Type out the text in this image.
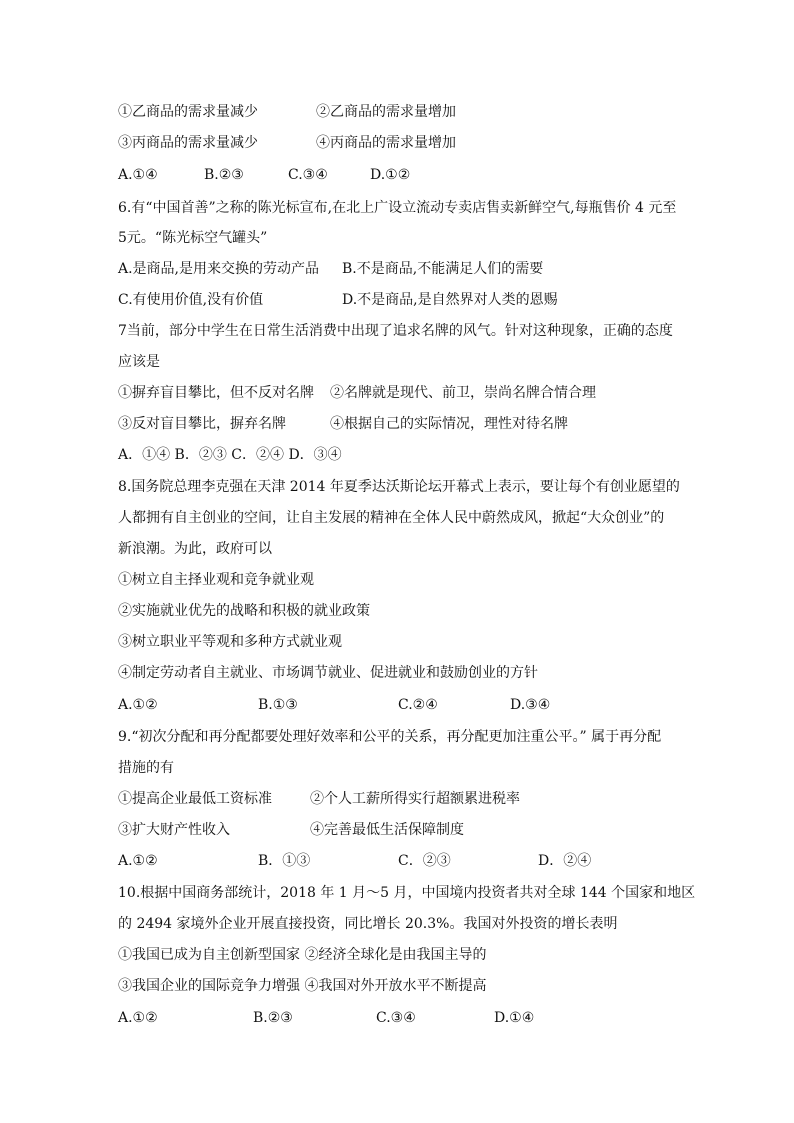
①乙商品的需求量减少	②乙商品的需求量增加
③丙商品的需求量减少	④丙商品的需求量增加
A.①④	B.②③	C.③④	D.①②
6.有“中国首善”之称的陈光标宣布,在北上广设立流动专卖店售卖新鲜空气,每瓶售价 4 元至
5元。“陈光标空气罐头”
A.是商品,是用来交换的劳动产品 B.不是商品,不能满足人们的需要
C.有使用价值,没有价值	D.不是商品,是自然界对人类的恩赐
7当前，部分中学生在日常生活消费中出现了追求名牌的风气。针对这种现象，正确的态度
应该是
①摒弃盲目攀比，但不反对名牌 ②名牌就是现代、前卫，崇尚名牌合情合理
③反对盲目攀比，摒弃名牌	④根据自己的实际情况，理性对待名牌
A．①④ B．②③ C．②④ D．③④
8.国务院总理李克强在天津 2014 年夏季达沃斯论坛开幕式上表示，要让每个有创业愿望的
人都拥有自主创业的空间，让自主发展的精神在全体人民中蔚然成风，掀起“大众创业”的
新浪潮。为此，政府可以
①树立自主择业观和竞争就业观
②实施就业优先的战略和积极的就业政策
③树立职业平等观和多种方式就业观
④制定劳动者自主就业、市场调节就业、促进就业和鼓励创业的方针
A.①②	B.①③	C.②④	D.③④
9.“初次分配和再分配都要处理好效率和公平的关系，再分配更加注重公平。” 属于再分配
措施的有
①提高企业最低工资标准	②个人工薪所得实行超额累进税率
③扩大财产性收入	④完善最低生活保障制度
A.①②	B．①③	C．②③	D．②④
10.根据中国商务部统计，2018 年 1 月～5 月，中国境内投资者共对全球 144 个国家和地区
的 2494 家境外企业开展直接投资，同比增长 20.3%。我国对外投资的增长表明
①我国已成为自主创新型国家 ②经济全球化是由我国主导的
③我国企业的国际竞争力增强 ④我国对外开放水平不断提高
A.①②	B.②③	C.③④	D.①④
